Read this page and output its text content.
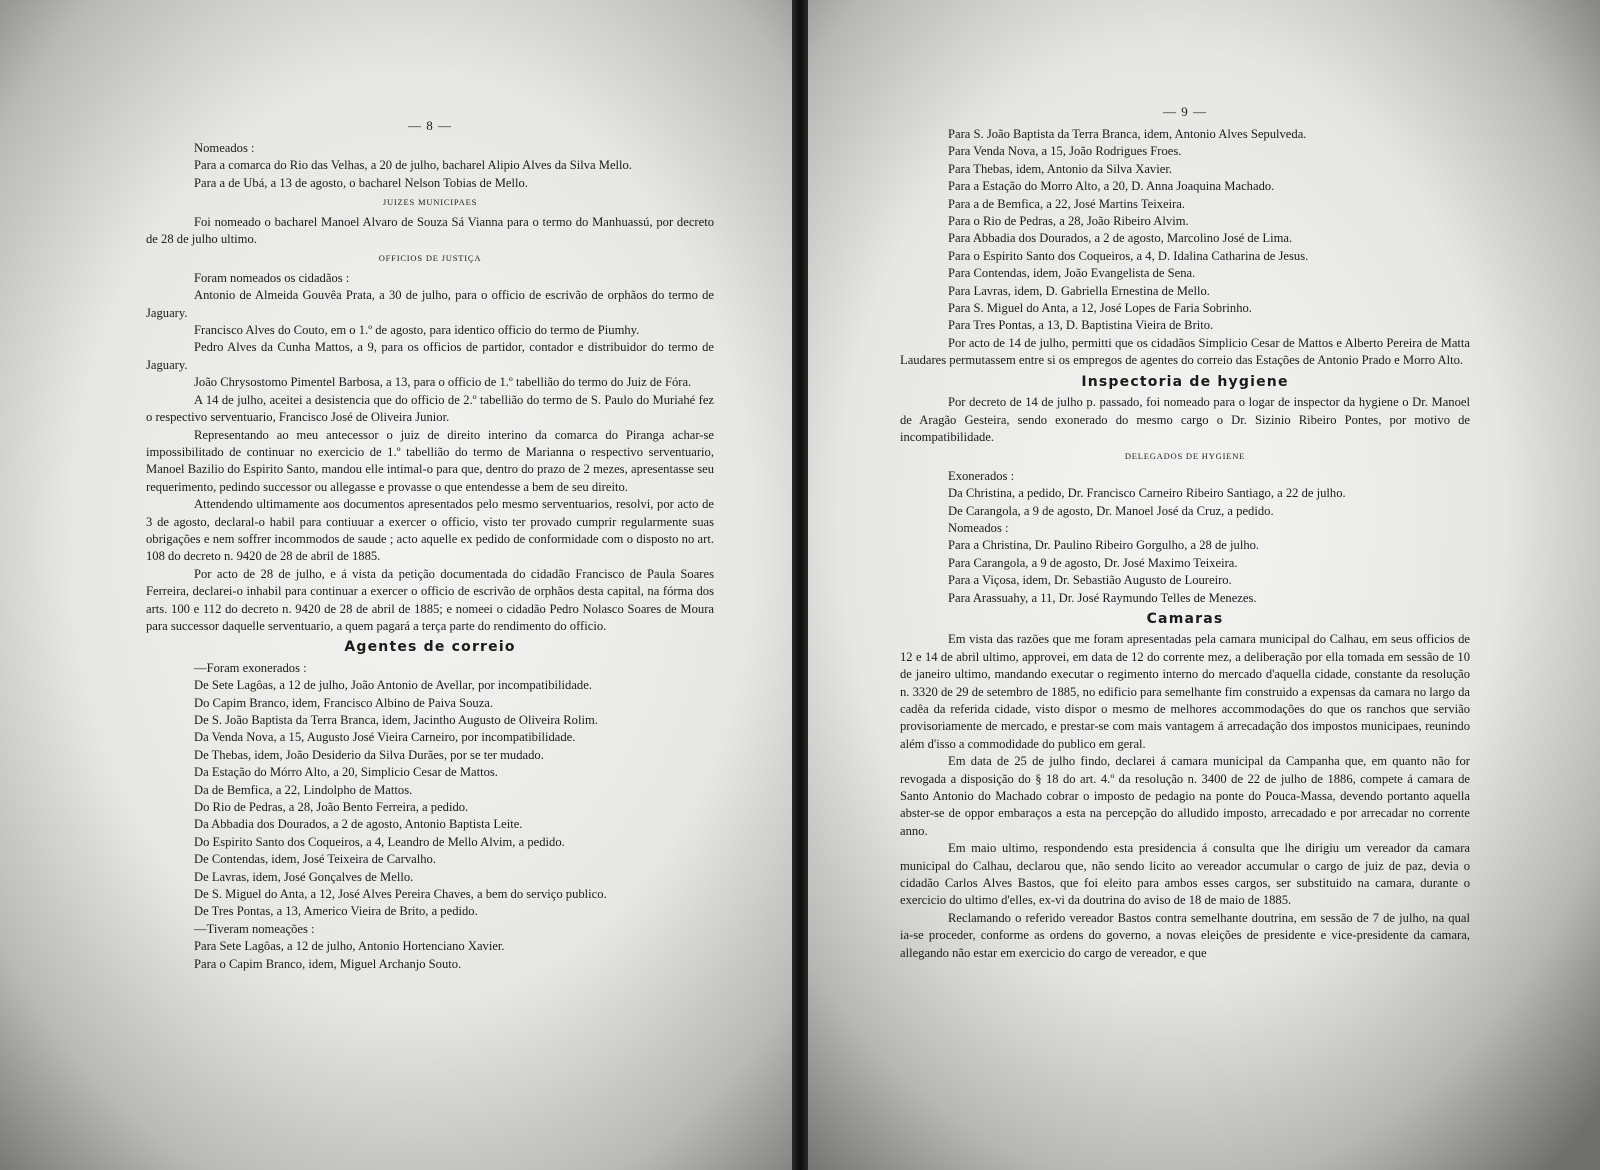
— 8 —

Nomeados :

Para a comarca do Rio das Velhas, a 20 de julho, bacharel Alipio Alves da Silva Mello.

Para a de Ubá, a 13 de agosto, o bacharel Nelson Tobias de Mello.

JUIZES MUNICIPAES

Foi nomeado o bacharel Manoel Alvaro de Souza Sá Vianna para o termo do Manhuassú, por decreto de 28 de julho ultimo.

OFFICIOS DE JUSTIÇA

Foram nomeados os cidadãos :

Antonio de Almeida Gouvêa Prata, a 30 de julho, para o officio de escrivão de orphãos do termo de Jaguary.

Francisco Alves do Couto, em o 1.º de agosto, para identico officio do termo de Piumhy.

Pedro Alves da Cunha Mattos, a 9, para os officios de partidor, contador e distribuidor do termo de Jaguary.

João Chrysostomo Pimentel Barbosa, a 13, para o officio de 1.º tabellião do termo do Juiz de Fóra.

A 14 de julho, aceitei a desistencia que do officio de 2.º tabellião do termo de S. Paulo do Muriahé fez o respectivo serventuario, Francisco José de Oliveira Junior.

Representando ao meu antecessor o juiz de direito interino da comarca do Piranga achar-se impossibilitado de continuar no exercicio de 1.º tabellião do termo de Marianna o respectivo serventuario, Manoel Bazilio do Espirito Santo, mandou elle intimal-o para que, dentro do prazo de 2 mezes, apresentasse seu requerimento, pedindo successor ou allegasse e provasse o que entendesse a bem de seu direito.

Attendendo ultimamente aos documentos apresentados pelo mesmo serventuarios, resolvi, por acto de 3 de agosto, declaral-o habil para contiuuar a exercer o officio, visto ter provado cumprir regularmente suas obrigações e nem soffrer incommodos de saude ; acto aquelle ex pedido de conformidade com o disposto no art. 108 do decreto n. 9420 de 28 de abril de 1885.

Por acto de 28 de julho, e á vista da petição documentada do cidadão Francisco de Paula Soares Ferreira, declarei-o inhabil para continuar a exercer o officio de escrivão de orphãos desta capital, na fórma dos arts. 100 e 112 do decreto n. 9420 de 28 de abril de 1885; e nomeei o cidadão Pedro Nolasco Soares de Moura para successor daquelle serventuario, a quem pagará a terça parte do rendimento do officio.

Agentes de correio

—Foram exonerados :

De Sete Lagôas, a 12 de julho, João Antonio de Avellar, por incompatibilidade.

Do Capim Branco, idem, Francisco Albino de Paiva Souza.

De S. João Baptista da Terra Branca, idem, Jacintho Augusto de Oliveira Rolim.

Da Venda Nova, a 15, Augusto José Vieira Carneiro, por incompatibilidade.

De Thebas, idem, João Desiderio da Silva Durães, por se ter mudado.

Da Estação do Mórro Alto, a 20, Simplicio Cesar de Mattos.

Da de Bemfica, a 22, Lindolpho de Mattos.

Do Rio de Pedras, a 28, João Bento Ferreira, a pedido.

Da Abbadia dos Dourados, a 2 de agosto, Antonio Baptista Leite.

Do Espirito Santo dos Coqueiros, a 4, Leandro de Mello Alvim, a pedido.

De Contendas, idem, José Teixeira de Carvalho.

De Lavras, idem, José Gonçalves de Mello.

De S. Miguel do Anta, a 12, José Alves Pereira Chaves, a bem do serviço publico.

De Tres Pontas, a 13, Americo Vieira de Brito, a pedido.

—Tiveram nomeações :

Para Sete Lagôas, a 12 de julho, Antonio Hortenciano Xavier.

Para o Capim Branco, idem, Miguel Archanjo Souto.

— 9 —

Para S. João Baptista da Terra Branca, idem, Antonio Alves Sepulveda.

Para Venda Nova, a 15, João Rodrigues Froes.

Para Thebas, idem, Antonio da Silva Xavier.

Para a Estação do Morro Alto, a 20, D. Anna Joaquina Machado.

Para a de Bemfica, a 22, José Martins Teixeira.

Para o Rio de Pedras, a 28, João Ribeiro Alvim.

Para Abbadia dos Dourados, a 2 de agosto, Marcolino José de Lima.

Para o Espirito Santo dos Coqueiros, a 4, D. Idalina Catharina de Jesus.

Para Contendas, idem, João Evangelista de Sena.

Para Lavras, idem, D. Gabriella Ernestina de Mello.

Para S. Miguel do Anta, a 12, José Lopes de Faria Sobrinho.

Para Tres Pontas, a 13, D. Baptistina Vieira de Brito.

Por acto de 14 de julho, permitti que os cidadãos Simplicio Cesar de Mattos e Alberto Pereira de Matta Laudares permutassem entre si os empregos de agentes do correio das Estações de Antonio Prado e Morro Alto.

Inspectoria de hygiene

Por decreto de 14 de julho p. passado, foi nomeado para o logar de inspector da hygiene o Dr. Manoel de Aragão Gesteira, sendo exonerado do mesmo cargo o Dr. Sizinio Ribeiro Pontes, por motivo de incompatibilidade.

DELEGADOS DE HYGIENE

Exonerados :

Da Christina, a pedido, Dr. Francisco Carneiro Ribeiro Santiago, a 22 de julho.

De Carangola, a 9 de agosto, Dr. Manoel José da Cruz, a pedido.

Nomeados :

Para a Christina, Dr. Paulino Ribeiro Gorgulho, a 28 de julho.

Para Carangola, a 9 de agosto, Dr. José Maximo Teixeira.

Para a Viçosa, idem, Dr. Sebastião Augusto de Loureiro.

Para Arassuahy, a 11, Dr. José Raymundo Telles de Menezes.

Camaras

Em vista das razões que me foram apresentadas pela camara municipal do Calhau, em seus officios de 12 e 14 de abril ultimo, approvei, em data de 12 do corrente mez, a deliberação por ella tomada em sessão de 10 de janeiro ultimo, mandando executar o regimento interno do mercado d'aquella cidade, constante da resolução n. 3320 de 29 de setembro de 1885, no edificio para semelhante fim construido a expensas da camara no largo da cadêa da referida cidade, visto dispor o mesmo de melhores accommodações do que os ranchos que servião provisoriamente de mercado, e prestar-se com mais vantagem á arrecadação dos impostos municipaes, reunindo além d'isso a commodidade do publico em geral.

Em data de 25 de julho findo, declarei á camara municipal da Campanha que, em quanto não for revogada a disposição do § 18 do art. 4.º da resolução n. 3400 de 22 de julho de 1886, compete á camara de Santo Antonio do Machado cobrar o imposto de pedagio na ponte do Pouca-Massa, devendo portanto aquella abster-se de oppor embaraços a esta na percepção do alludido imposto, arrecadado e por arrecadar no corrente anno.

Em maio ultimo, respondendo esta presidencia á consulta que lhe dirigiu um vereador da camara municipal do Calhau, declarou que, não sendo licito ao vereador accumular o cargo de juiz de paz, devia o cidadão Carlos Alves Bastos, que foi eleito para ambos esses cargos, ser substituido na camara, durante o exercicio do ultimo d'elles, ex-vi da doutrina do aviso de 18 de maio de 1885.

Reclamando o referido vereador Bastos contra semelhante doutrina, em sessão de 7 de julho, na qual ia-se proceder, conforme as ordens do governo, a novas eleições de presidente e vice-presidente da camara, allegando não estar em exercicio do cargo de vereador, e que
